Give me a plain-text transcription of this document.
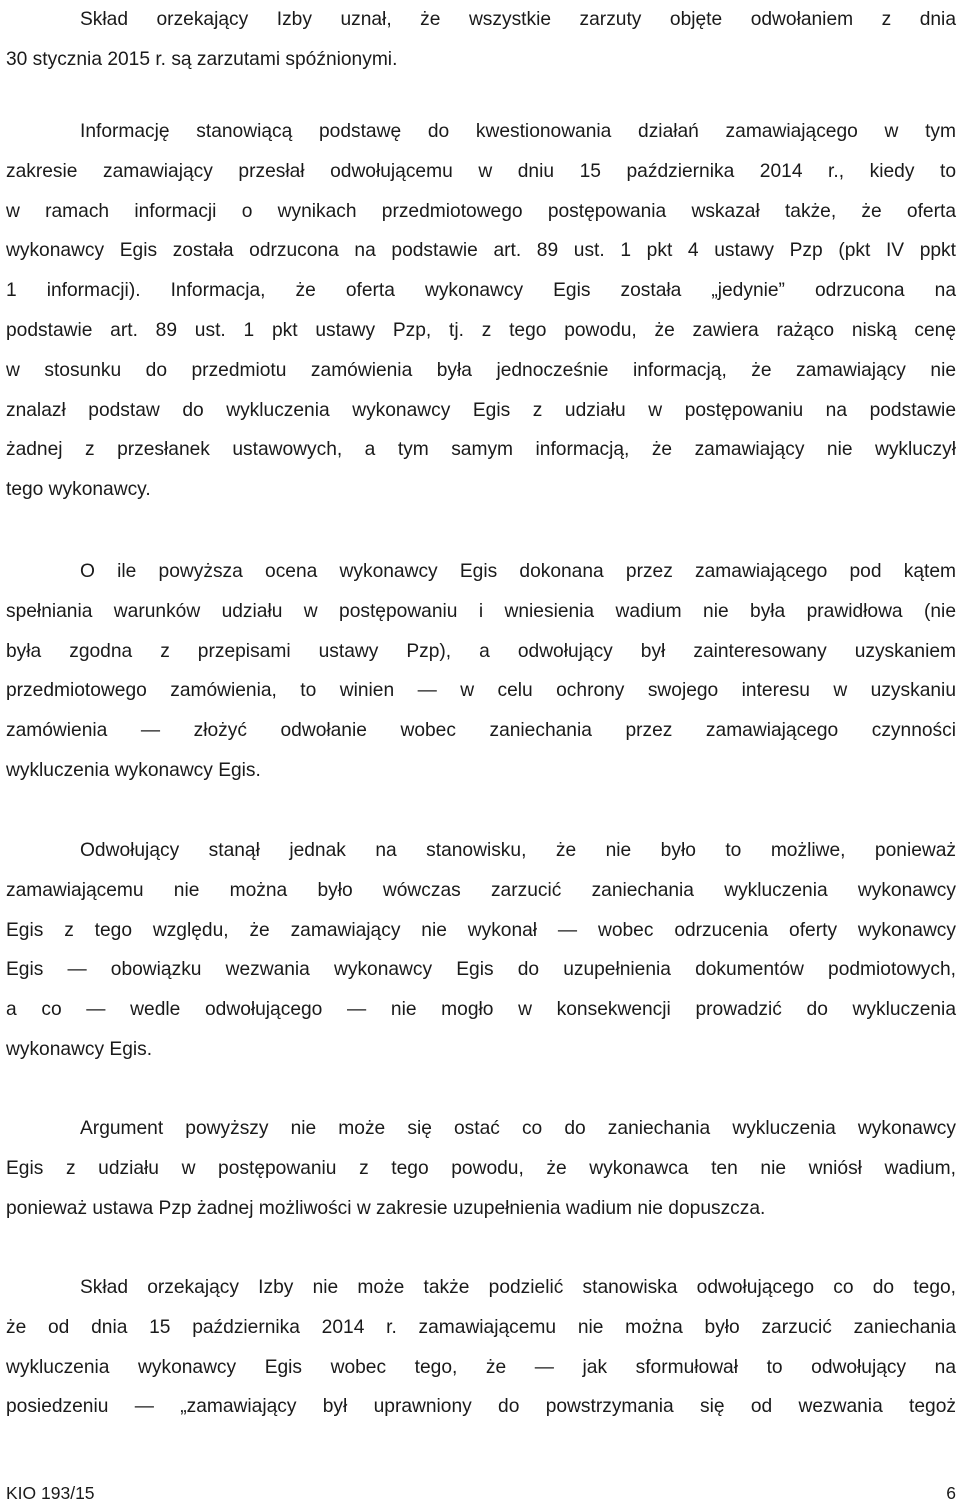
Skład orzekający Izby uznał, że wszystkie zarzuty objęte odwołaniem z dnia
30 stycznia 2015 r. są zarzutami spóźnionymi.
Informację stanowiącą podstawę do kwestionowania działań zamawiającego w tym
zakresie zamawiający przesłał odwołującemu w dniu 15 października 2014 r., kiedy to
w ramach informacji o wynikach przedmiotowego postępowania wskazał także, że oferta
wykonawcy Egis została odrzucona na podstawie art. 89 ust. 1 pkt 4 ustawy Pzp (pkt IV ppkt
1 informacji). Informacja, że oferta wykonawcy Egis została „jedynie” odrzucona na
podstawie art. 89 ust. 1 pkt ustawy Pzp, tj. z tego powodu, że zawiera rażąco niską cenę
w stosunku do przedmiotu zamówienia była jednocześnie informacją, że zamawiający nie
znalazł podstaw do wykluczenia wykonawcy Egis z udziału w postępowaniu na podstawie
żadnej z przesłanek ustawowych, a tym samym informacją, że zamawiający nie wykluczył
tego wykonawcy.
O ile powyższa ocena wykonawcy Egis dokonana przez zamawiającego pod kątem
spełniania warunków udziału w postępowaniu i wniesienia wadium nie była prawidłowa (nie
była zgodna z przepisami ustawy Pzp), a odwołujący był zainteresowany uzyskaniem
przedmiotowego zamówienia, to winien — w celu ochrony swojego interesu w uzyskaniu
zamówienia — złożyć odwołanie wobec zaniechania przez zamawiającego czynności
wykluczenia wykonawcy Egis.
Odwołujący stanął jednak na stanowisku, że nie było to możliwe, ponieważ
zamawiającemu nie można było wówczas zarzucić zaniechania wykluczenia wykonawcy
Egis z tego względu, że zamawiający nie wykonał — wobec odrzucenia oferty wykonawcy
Egis — obowiązku wezwania wykonawcy Egis do uzupełnienia dokumentów podmiotowych,
a co — wedle odwołującego — nie mogło w konsekwencji prowadzić do wykluczenia
wykonawcy Egis.
Argument powyższy nie może się ostać co do zaniechania wykluczenia wykonawcy
Egis z udziału w postępowaniu z tego powodu, że wykonawca ten nie wniósł wadium,
ponieważ ustawa Pzp żadnej możliwości w zakresie uzupełnienia wadium nie dopuszcza.
Skład orzekający Izby nie może także podzielić stanowiska odwołującego co do tego,
że od dnia 15 października 2014 r. zamawiającemu nie można było zarzucić zaniechania
wykluczenia wykonawcy Egis wobec tego, że — jak sformułował to odwołujący na
posiedzeniu — „zamawiający był uprawniony do powstrzymania się od wezwania tegoż
KIO 193/15	6
